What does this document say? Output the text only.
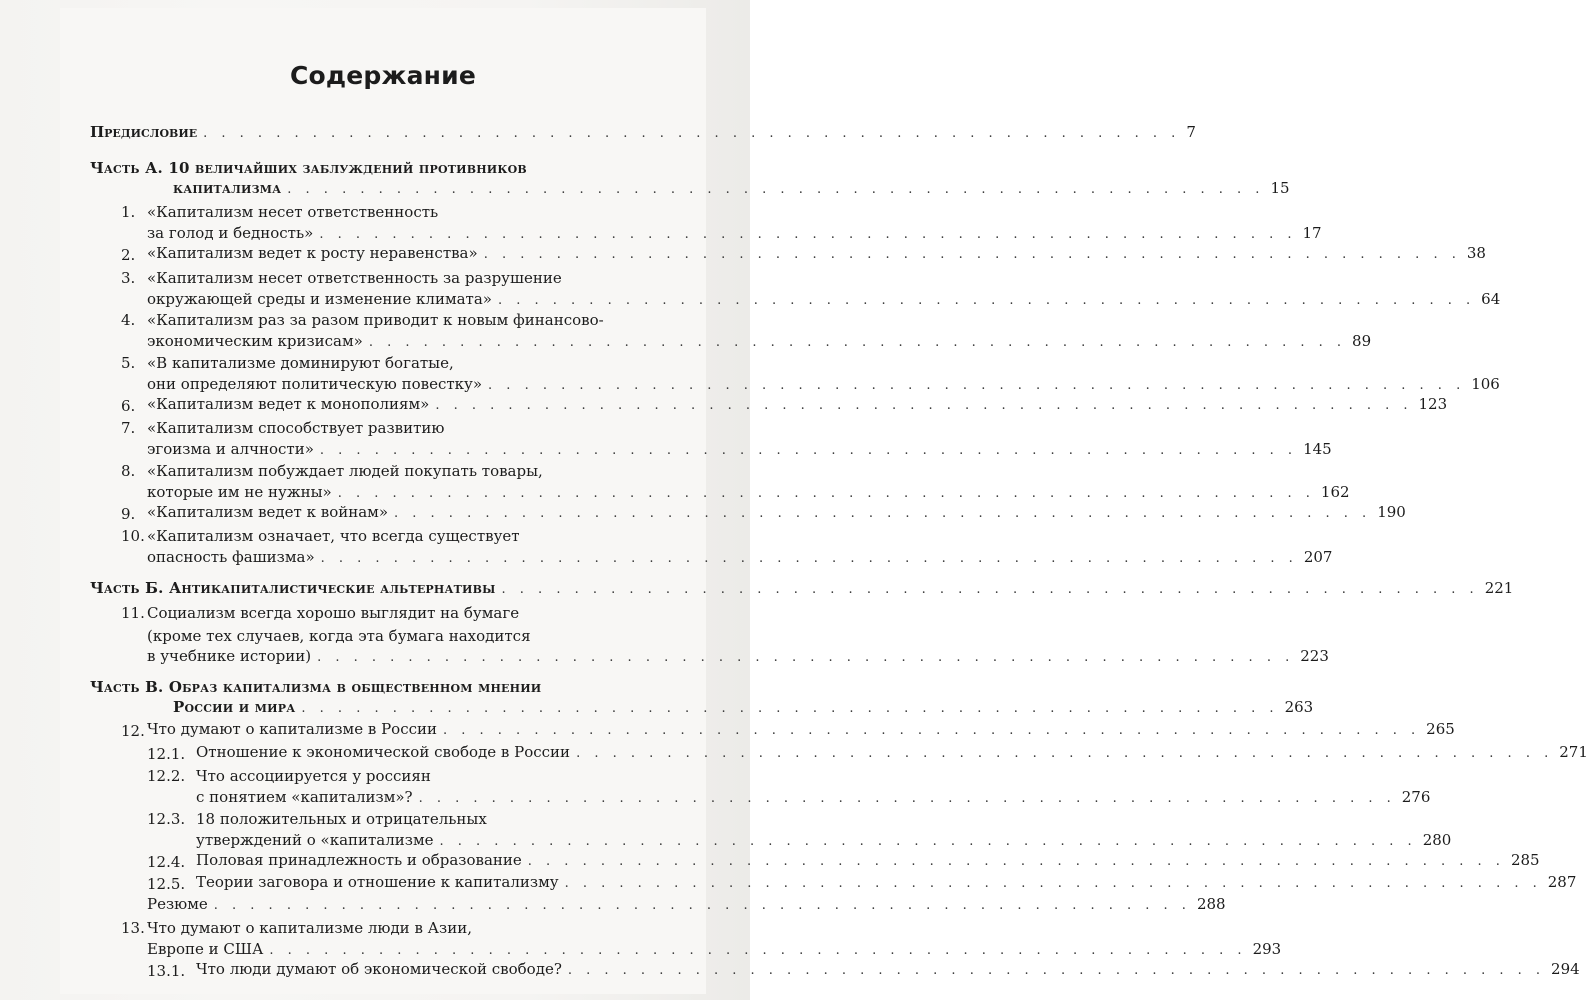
Содержание
Предисловие . . . . . . . . . . . . . . . . . . . . . . . . . . . . . . . . . . . . . . . . . . . . . . . . . . . . . . 7
Часть А. 10 величайших заблуждений противников
капитализма . . . . . . . . . . . . . . . . . . . . . . . . . . . . . . . . . . . . . . . . . . . . . . . . . . . . . . 15
1. «Капитализм несет ответственность
за голод и бедность» . . . . . . . . . . . . . . . . . . . . . . . . . . . . . . . . . . . . . . . . . . . . . . . . . . . . . . 17
2. «Капитализм ведет к росту неравенства» . . . . . . . . . . . . . . . . . . . . . . . . . . . . . . . . . . . . . . . . . . . . . . . . . . . . . . 38
3. «Капитализм несет ответственность за разрушение
окружающей среды и изменение климата» . . . . . . . . . . . . . . . . . . . . . . . . . . . . . . . . . . . . . . . . . . . . . . . . . . . . . . 64
4. «Капитализм раз за разом приводит к новым финансово-
экономическим кризисам» . . . . . . . . . . . . . . . . . . . . . . . . . . . . . . . . . . . . . . . . . . . . . . . . . . . . . . 89
5. «В капитализме доминируют богатые,
они определяют политическую повестку» . . . . . . . . . . . . . . . . . . . . . . . . . . . . . . . . . . . . . . . . . . . . . . . . . . . . . . 106
6. «Капитализм ведет к монополиям» . . . . . . . . . . . . . . . . . . . . . . . . . . . . . . . . . . . . . . . . . . . . . . . . . . . . . . 123
7. «Капитализм способствует развитию
эгоизма и алчности» . . . . . . . . . . . . . . . . . . . . . . . . . . . . . . . . . . . . . . . . . . . . . . . . . . . . . . 145
8. «Капитализм побуждает людей покупать товары,
которые им не нужны» . . . . . . . . . . . . . . . . . . . . . . . . . . . . . . . . . . . . . . . . . . . . . . . . . . . . . . 162
9. «Капитализм ведет к войнам» . . . . . . . . . . . . . . . . . . . . . . . . . . . . . . . . . . . . . . . . . . . . . . . . . . . . . . 190
10. «Капитализм означает, что всегда существует
опасность фашизма» . . . . . . . . . . . . . . . . . . . . . . . . . . . . . . . . . . . . . . . . . . . . . . . . . . . . . . 207
Часть Б. Антикапиталистические альтернативы . . . . . . . . . . . . . . . . . . . . . . . . . . . . . . . . . . . . . . . . . . . . . . . . . . . . . . 221
11. Социализм всегда хорошо выглядит на бумаге
(кроме тех случаев, когда эта бумага находится
в учебнике истории) . . . . . . . . . . . . . . . . . . . . . . . . . . . . . . . . . . . . . . . . . . . . . . . . . . . . . . 223
Часть В. Образ капитализма в общественном мнении
России и мира . . . . . . . . . . . . . . . . . . . . . . . . . . . . . . . . . . . . . . . . . . . . . . . . . . . . . . 263
12. Что думают о капитализме в России . . . . . . . . . . . . . . . . . . . . . . . . . . . . . . . . . . . . . . . . . . . . . . . . . . . . . . 265
12.1. Отношение к экономической свободе в России . . . . . . . . . . . . . . . . . . . . . . . . . . . . . . . . . . . . . . . . . . . . . . . . . . . . . . 271
12.2. Что ассоциируется у россиян
с понятием «капитализм»? . . . . . . . . . . . . . . . . . . . . . . . . . . . . . . . . . . . . . . . . . . . . . . . . . . . . . . 276
12.3. 18 положительных и отрицательных
утверждений о «капитализме . . . . . . . . . . . . . . . . . . . . . . . . . . . . . . . . . . . . . . . . . . . . . . . . . . . . . . 280
12.4. Половая принадлежность и образование . . . . . . . . . . . . . . . . . . . . . . . . . . . . . . . . . . . . . . . . . . . . . . . . . . . . . . 285
12.5. Теории заговора и отношение к капитализму . . . . . . . . . . . . . . . . . . . . . . . . . . . . . . . . . . . . . . . . . . . . . . . . . . . . . . 287
Резюме . . . . . . . . . . . . . . . . . . . . . . . . . . . . . . . . . . . . . . . . . . . . . . . . . . . . . . 288
13. Что думают о капитализме люди в Азии,
Европе и США . . . . . . . . . . . . . . . . . . . . . . . . . . . . . . . . . . . . . . . . . . . . . . . . . . . . . . 293
13.1. Что люди думают об экономической свободе? . . . . . . . . . . . . . . . . . . . . . . . . . . . . . . . . . . . . . . . . . . . . . . . . . . . . . . 294
